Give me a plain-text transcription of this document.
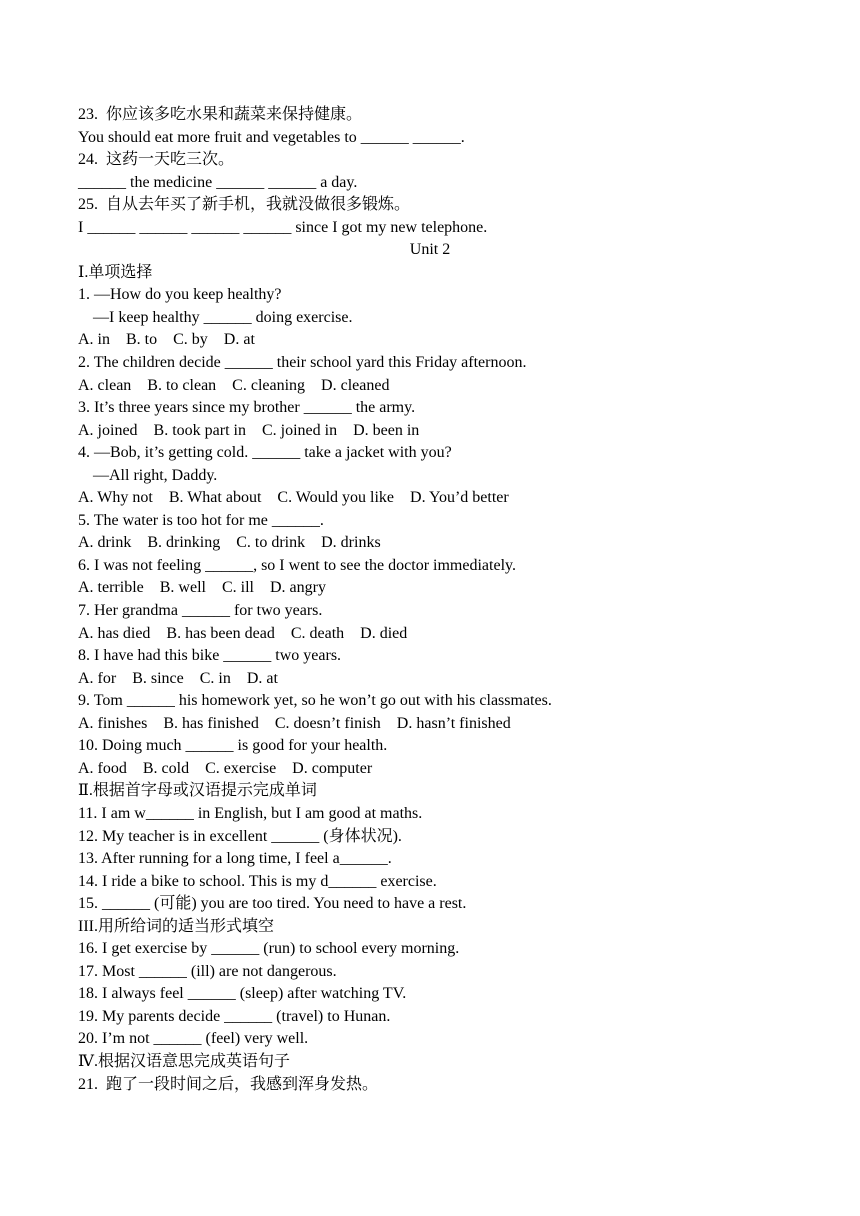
23.  你应该多吃水果和蔬菜来保持健康。
You should eat more fruit and vegetables to ______ ______.
24.  这药一天吃三次。
______ the medicine ______ ______ a day.
25.  自从去年买了新手机，我就没做很多锻炼。
I ______ ______ ______ ______ since I got my new telephone.
Unit 2
Ⅰ.单项选择
1. —How do you keep healthy?
—I keep healthy ______ doing exercise.
A. in    B. to    C. by    D. at
2. The children decide ______ their school yard this Friday afternoon.
A. clean    B. to clean    C. cleaning    D. cleaned
3. It’s three years since my brother ______ the army.
A. joined    B. took part in    C. joined in    D. been in
4. —Bob, it’s getting cold. ______ take a jacket with you?
—All right, Daddy.
A. Why not    B. What about    C. Would you like    D. You’d better
5. The water is too hot for me ______.
A. drink    B. drinking    C. to drink    D. drinks
6. I was not feeling ______, so I went to see the doctor immediately.
A. terrible    B. well    C. ill    D. angry
7. Her grandma ______ for two years.
A. has died    B. has been dead    C. death    D. died
8. I have had this bike ______ two years.
A. for    B. since    C. in    D. at
9. Tom ______ his homework yet, so he won’t go out with his classmates.
A. finishes    B. has finished    C. doesn’t finish    D. hasn’t finished
10. Doing much ______ is good for your health.
A. food    B. cold    C. exercise    D. computer
Ⅱ.根据首字母或汉语提示完成单词
11. I am w______ in English, but I am good at maths.
12. My teacher is in excellent ______ (身体状况).
13. After running for a long time, I feel a______.
14. I ride a bike to school. This is my d______ exercise.
15. ______ (可能) you are too tired. You need to have a rest.
III.用所给词的适当形式填空
16. I get exercise by ______ (run) to school every morning.
17. Most ______ (ill) are not dangerous.
18. I always feel ______ (sleep) after watching TV.
19. My parents decide ______ (travel) to Hunan.
20. I’m not ______ (feel) very well.
Ⅳ.根据汉语意思完成英语句子
21.  跑了一段时间之后，我感到浑身发热。
